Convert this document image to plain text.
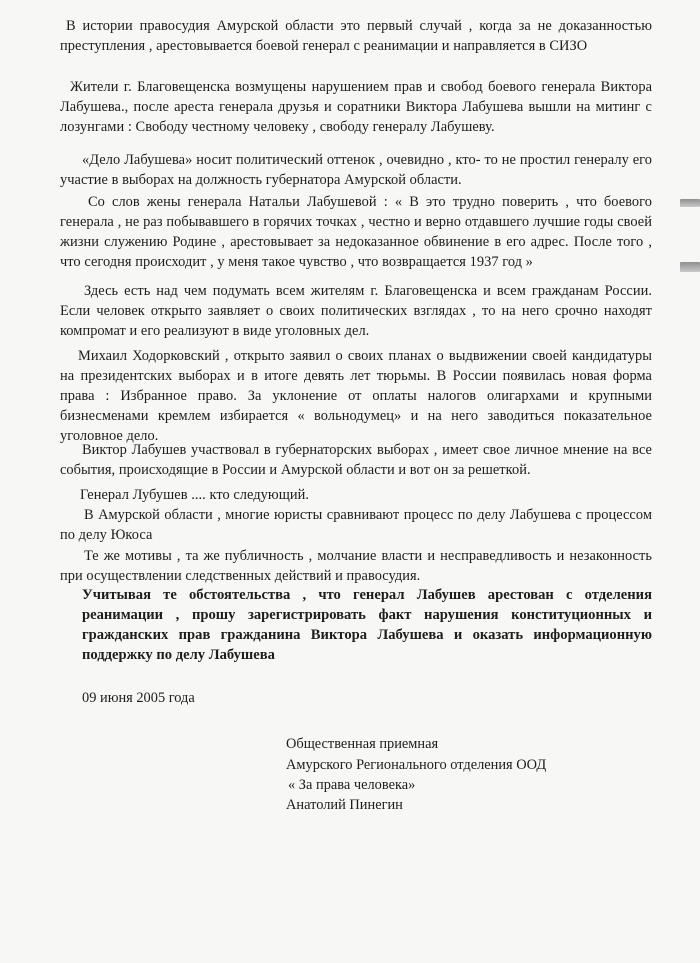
В истории правосудия Амурской области это первый случай , когда за не доказанностью преступления , арестовывается боевой генерал с реанимации и направляется в СИЗО

Жители г. Благовещенска возмущены нарушением прав и свобод боевого генерала Виктора Лабушева., после ареста генерала друзья и соратники Виктора Лабушева вышли на митинг с лозунгами : Свободу честному человеку , свободу генералу Лабушеву.

«Дело Лабушева» носит политический оттенок , очевидно , кто- то не простил генералу его участие в выборах на должность губернатора Амурской области.

Со слов жены генерала Натальи Лабушевой : « В это трудно поверить , что боевого генерала , не раз побывавшего в горячих точках , честно и верно отдавшего лучшие годы своей жизни служению Родине , арестовывает за недоказанное обвинение в его адрес. После того , что сегодня происходит , у меня такое чувство , что возвращается 1937 год »

Здесь есть над чем подумать всем жителям г. Благовещенска и всем гражданам России. Если человек открыто заявляет о своих политических взглядах , то на него срочно находят компромат и его реализуют в виде уголовных дел.

Михаил Ходорковский , открыто заявил о своих планах о выдвижении своей кандидатуры на президентских выборах и в итоге девять лет тюрьмы. В России появилась новая форма права : Избранное право. За уклонение от оплаты налогов олигархами и крупными бизнесменами кремлем избирается « вольнодумец» и на него заводиться показательное уголовное дело.

Виктор Лабушев участвовал в губернаторских выборах , имеет свое личное мнение на все события, происходящие в России и Амурской области и вот он за решеткой.

Генерал Лубушев .... кто следующий.

В Амурской области , многие юристы сравнивают процесс по делу Лабушева с процессом по делу Юкоса

Те же мотивы , та же публичность , молчание власти и несправедливость и незаконность при осуществлении следственных действий и правосудия.

Учитывая те обстоятельства , что генерал Лабушев арестован с отделения реанимации , прошу зарегистрировать факт нарушения конституционных и гражданских прав гражданина Виктора Лабушева и оказать информационную поддержку по делу Лабушева

09 июня 2005 года

Общественная приемная

Амурского Регионального отделения ООД

« За права человека»

Анатолий Пинегин
